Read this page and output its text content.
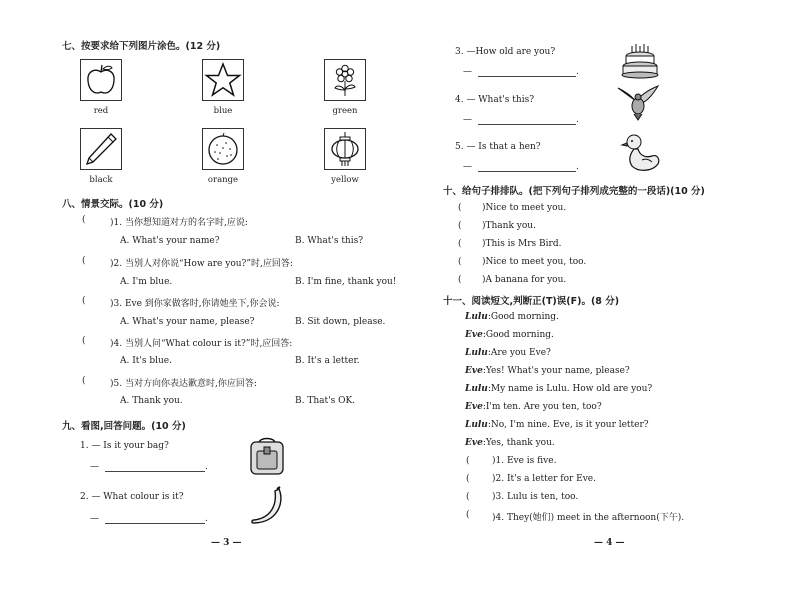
七、按要求给下列图片涂色。(12 分)
red	blue	green
black	orange	yellow
八、情景交际。(10 分)
(	)1. 当你想知道对方的名字时,应说:
A. What's your name?	B. What's this?
(	)2. 当别人对你说“How are you?”时,应回答:
A. I'm blue.	B. I'm fine, thank you!
(	)3. Eve 到你家做客时,你请她坐下,你会说:
A. What's your name, please?	B. Sit down, please.
(	)4. 当别人问“What colour is it?”时,应回答:
A. It's blue.	B. It's a letter.
(	)5. 当对方向你表达歉意时,你应回答:
A. Thank you.	B. That's OK.
九、看图,回答问题。(10 分)
1. — Is it your bag?
—	.
2. — What colour is it?
—	.
— 3 —
3. —How old are you?
—	.
4. — What's this?
—	.
5. — Is that a hen?
—	.
十、给句子排排队。(把下列句子排列成完整的一段话)(10 分)
( )Nice to meet you.
( )Thank you.
( )This is Mrs Bird.
( )Nice to meet you, too.
( )A banana for you.
十一、阅读短文,判断正(T)误(F)。(8 分)
Lulu:Good morning.
Eve:Good morning.
Lulu:Are you Eve?
Eve:Yes! What's your name, please?
Lulu:My name is Lulu. How old are you?
Eve:I'm ten. Are you ten, too?
Lulu:No, I'm nine. Eve, is it your letter?
Eve:Yes, thank you.
( )1. Eve is five.
( )2. It's a letter for Eve.
( )3. Lulu is ten, too.
( )4. They(她们) meet in the afternoon(下午).
— 4 —
